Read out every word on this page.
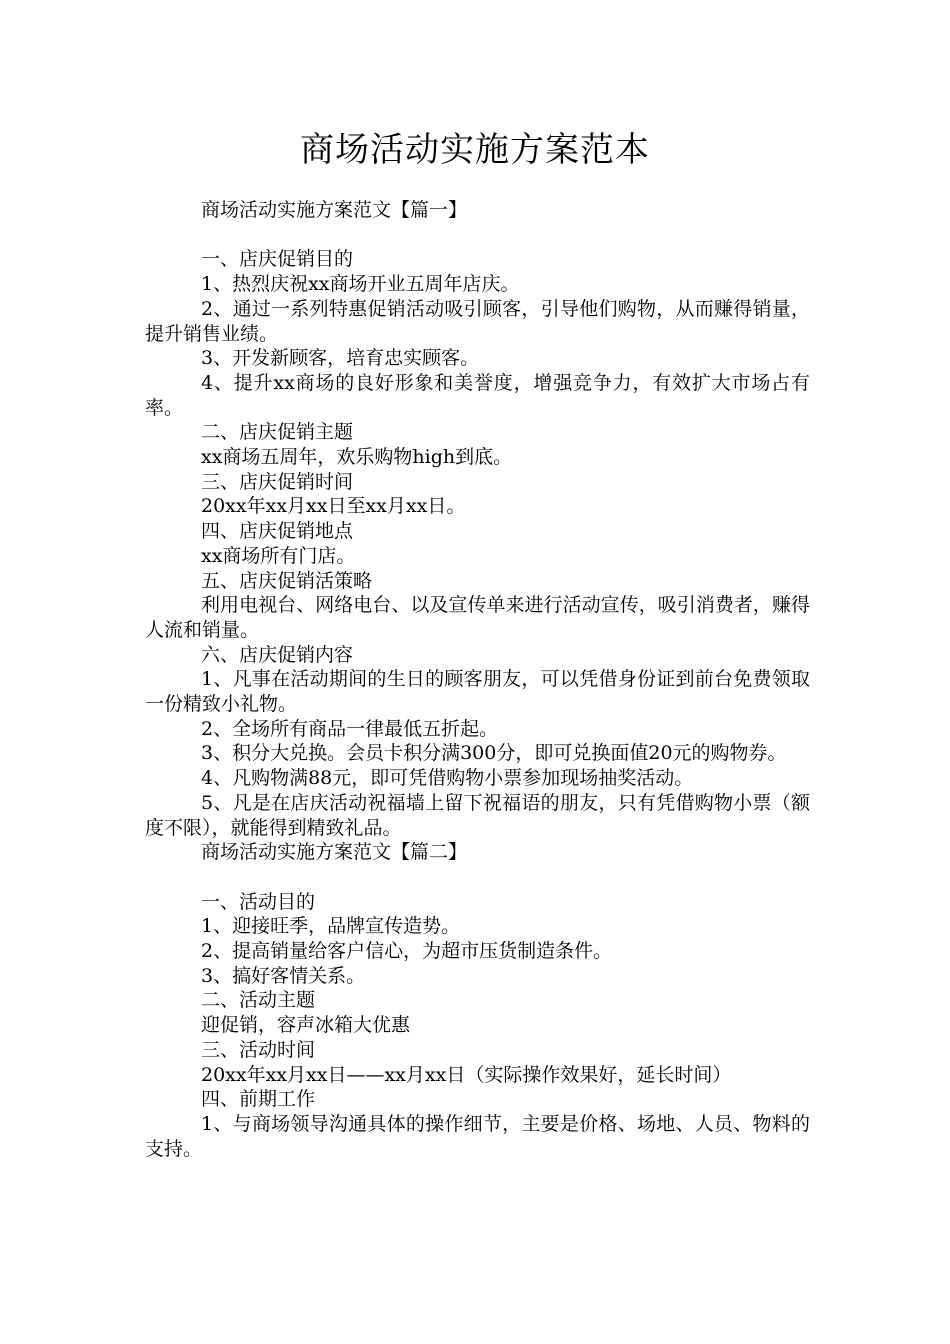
商场活动实施方案范本

商场活动实施方案范文【篇一】

一、店庆促销目的

1、热烈庆祝xx商场开业五周年店庆。

2、通过一系列特惠促销活动吸引顾客，引导他们购物，从而赚得销量，提升销售业绩。

3、开发新顾客，培育忠实顾客。

4、提升xx商场的良好形象和美誉度，增强竞争力，有效扩大市场占有率。

二、店庆促销主题

xx商场五周年，欢乐购物high到底。

三、店庆促销时间

20xx年xx月xx日至xx月xx日。

四、店庆促销地点

xx商场所有门店。

五、店庆促销活策略

利用电视台、网络电台、以及宣传单来进行活动宣传，吸引消费者，赚得人流和销量。

六、店庆促销内容

1、凡事在活动期间的生日的顾客朋友，可以凭借身份证到前台免费领取一份精致小礼物。

2、全场所有商品一律最低五折起。

3、积分大兑换。会员卡积分满300分，即可兑换面值20元的购物券。

4、凡购物满88元，即可凭借购物小票参加现场抽奖活动。

5、凡是在店庆活动祝福墙上留下祝福语的朋友，只有凭借购物小票（额度不限），就能得到精致礼品。

商场活动实施方案范文【篇二】

一、活动目的

1、迎接旺季，品牌宣传造势。

2、提高销量给客户信心，为超市压货制造条件。

3、搞好客情关系。

二、活动主题

迎促销，容声冰箱大优惠

三、活动时间

20xx年xx月xx日——xx月xx日（实际操作效果好，延长时间）

四、前期工作

1、与商场领导沟通具体的操作细节，主要是价格、场地、人员、物料的支持。
